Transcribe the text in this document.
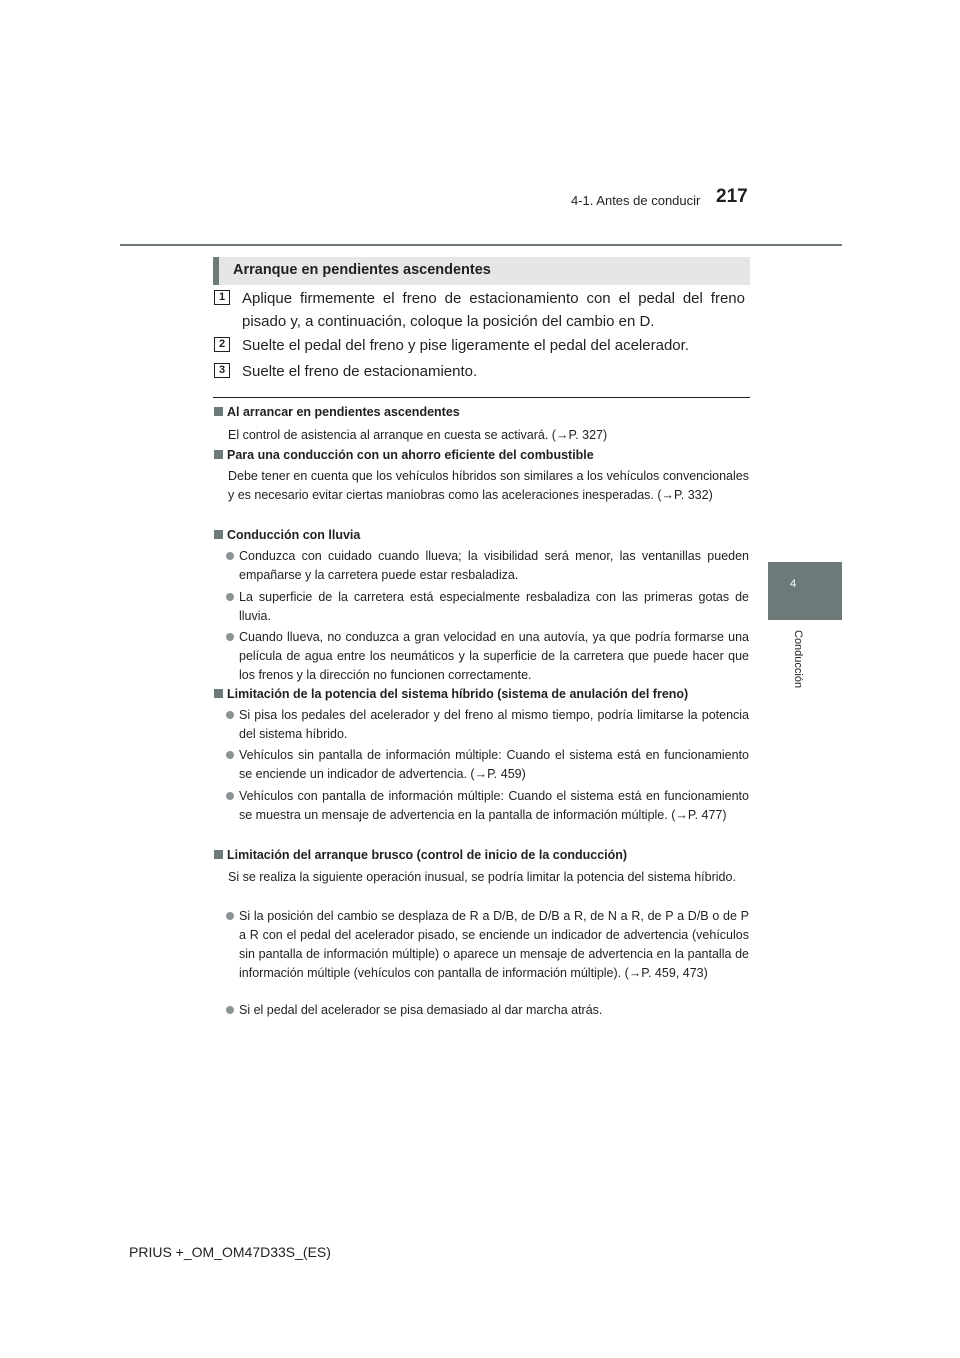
4-1. Antes de conducir 217
4
Conducción
Arranque en pendientes ascendentes
1	Aplique firmemente el freno de estacionamiento con el pedal del freno pisado y, a continuación, coloque la posición del cambio en D.
2	Suelte el pedal del freno y pise ligeramente el pedal del acelerador.
3	Suelte el freno de estacionamiento.
Al arrancar en pendientes ascendentes
El control de asistencia al arranque en cuesta se activará. (→P. 327)
Para una conducción con un ahorro eficiente del combustible
Debe tener en cuenta que los vehículos híbridos son similares a los vehículos convencionales y es necesario evitar ciertas maniobras como las aceleraciones inesperadas. (→P. 332)
Conducción con lluvia
Conduzca con cuidado cuando llueva; la visibilidad será menor, las ventanillas pueden empañarse y la carretera puede estar resbaladiza.
La superficie de la carretera está especialmente resbaladiza con las primeras gotas de lluvia.
Cuando llueva, no conduzca a gran velocidad en una autovía, ya que podría formarse una película de agua entre los neumáticos y la superficie de la carretera que puede hacer que los frenos y la dirección no funcionen correctamente.
Limitación de la potencia del sistema híbrido (sistema de anulación del freno)
Si pisa los pedales del acelerador y del freno al mismo tiempo, podría limitarse la potencia del sistema híbrido.
Vehículos sin pantalla de información múltiple: Cuando el sistema está en funcionamiento se enciende un indicador de advertencia. (→P. 459)
Vehículos con pantalla de información múltiple: Cuando el sistema está en funcionamiento se muestra un mensaje de advertencia en la pantalla de información múltiple. (→P. 477)
Limitación del arranque brusco (control de inicio de la conducción)
Si se realiza la siguiente operación inusual, se podría limitar la potencia del sistema híbrido.
Si la posición del cambio se desplaza de R a D/B, de D/B a R, de N a R, de P a D/B o de P a R con el pedal del acelerador pisado, se enciende un indicador de advertencia (vehículos sin pantalla de información múltiple) o aparece un mensaje de advertencia en la pantalla de información múltiple (vehículos con pantalla de información múltiple). (→P. 459, 473)
Si el pedal del acelerador se pisa demasiado al dar marcha atrás.
PRIUS +_OM_OM47D33S_(ES)
